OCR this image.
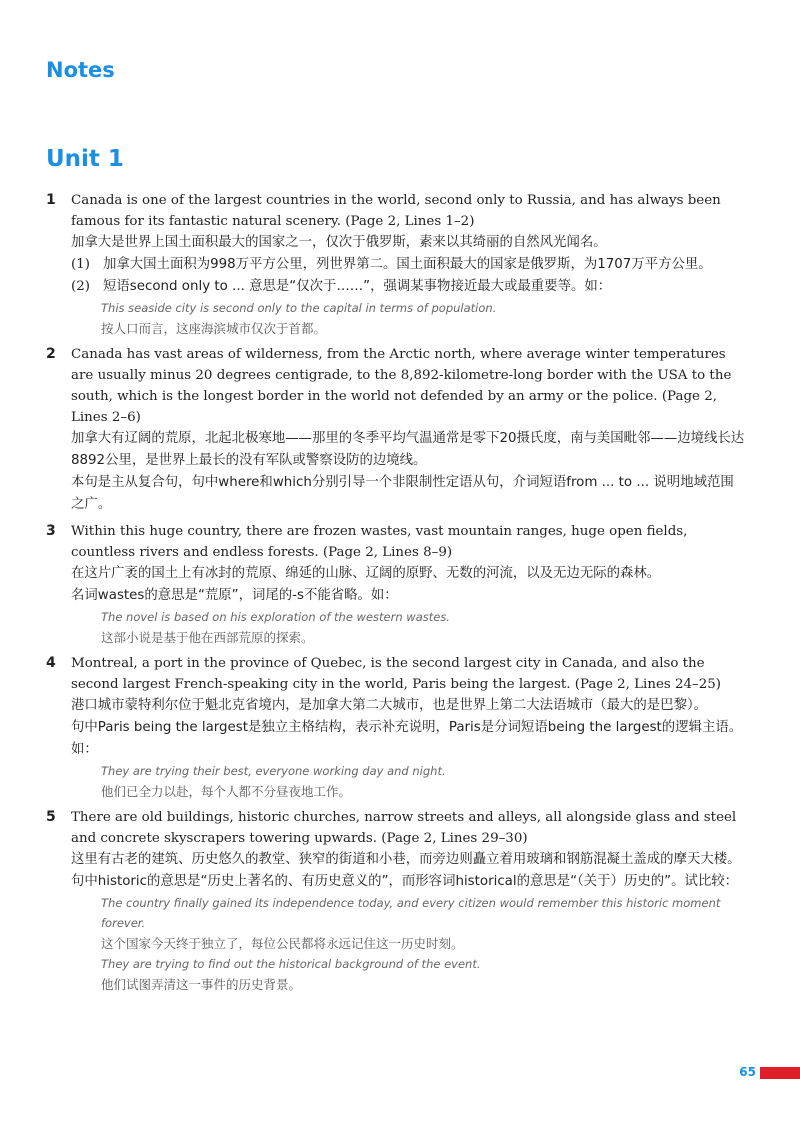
Notes
Unit 1
1	Canada is one of the largest countries in the world, second only to Russia, and has always been famous for its fantastic natural scenery. (Page 2, Lines 1–2)

加拿大是世界上国土面积最大的国家之一，仅次于俄罗斯，素来以其绮丽的自然风光闻名。

(1) 加拿大国土面积为998万平方公里，列世界第二。国土面积最大的国家是俄罗斯，为1707万平方公里。

(2) 短语second only to ... 意思是“仅次于……”，强调某事物接近最大或最重要等。如：

This seaside city is second only to the capital in terms of population.

按人口而言，这座海滨城市仅次于首都。

2	Canada has vast areas of wilderness, from the Arctic north, where average winter temperatures are usually minus 20 degrees centigrade, to the 8,892-kilometre-long border with the USA to the south, which is the longest border in the world not defended by an army or the police. (Page 2, Lines 2–6)

加拿大有辽阔的荒原，北起北极寒地——那里的冬季平均气温通常是零下20摄氏度，南与美国毗邻——边境线长达8892公里，是世界上最长的没有军队或警察设防的边境线。

本句是主从复合句，句中where和which分别引导一个非限制性定语从句，介词短语from ... to ... 说明地域范围之广。

3	Within this huge country, there are frozen wastes, vast mountain ranges, huge open fields, countless rivers and endless forests. (Page 2, Lines 8–9)

在这片广袤的国土上有冰封的荒原、绵延的山脉、辽阔的原野、无数的河流，以及无边无际的森林。

名词wastes的意思是“荒原”，词尾的-s不能省略。如：

The novel is based on his exploration of the western wastes.

这部小说是基于他在西部荒原的探索。

4	Montreal, a port in the province of Quebec, is the second largest city in Canada, and also the second largest French-speaking city in the world, Paris being the largest. (Page 2, Lines 24–25)

港口城市蒙特利尔位于魁北克省境内，是加拿大第二大城市，也是世界上第二大法语城市（最大的是巴黎）。

句中Paris being the largest是独立主格结构，表示补充说明，Paris是分词短语being the largest的逻辑主语。如：

They are trying their best, everyone working day and night.

他们已全力以赴，每个人都不分昼夜地工作。

5	There are old buildings, historic churches, narrow streets and alleys, all alongside glass and steel and concrete skyscrapers towering upwards. (Page 2, Lines 29–30)

这里有古老的建筑、历史悠久的教堂、狭窄的街道和小巷，而旁边则矗立着用玻璃和钢筋混凝土盖成的摩天大楼。

句中historic的意思是“历史上著名的、有历史意义的”，而形容词historical的意思是“（关于）历史的”。试比较：

The country finally gained its independence today, and every citizen would remember this historic moment forever.

这个国家今天终于独立了，每位公民都将永远记住这一历史时刻。

They are trying to find out the historical background of the event.

他们试图弄清这一事件的历史背景。

65
